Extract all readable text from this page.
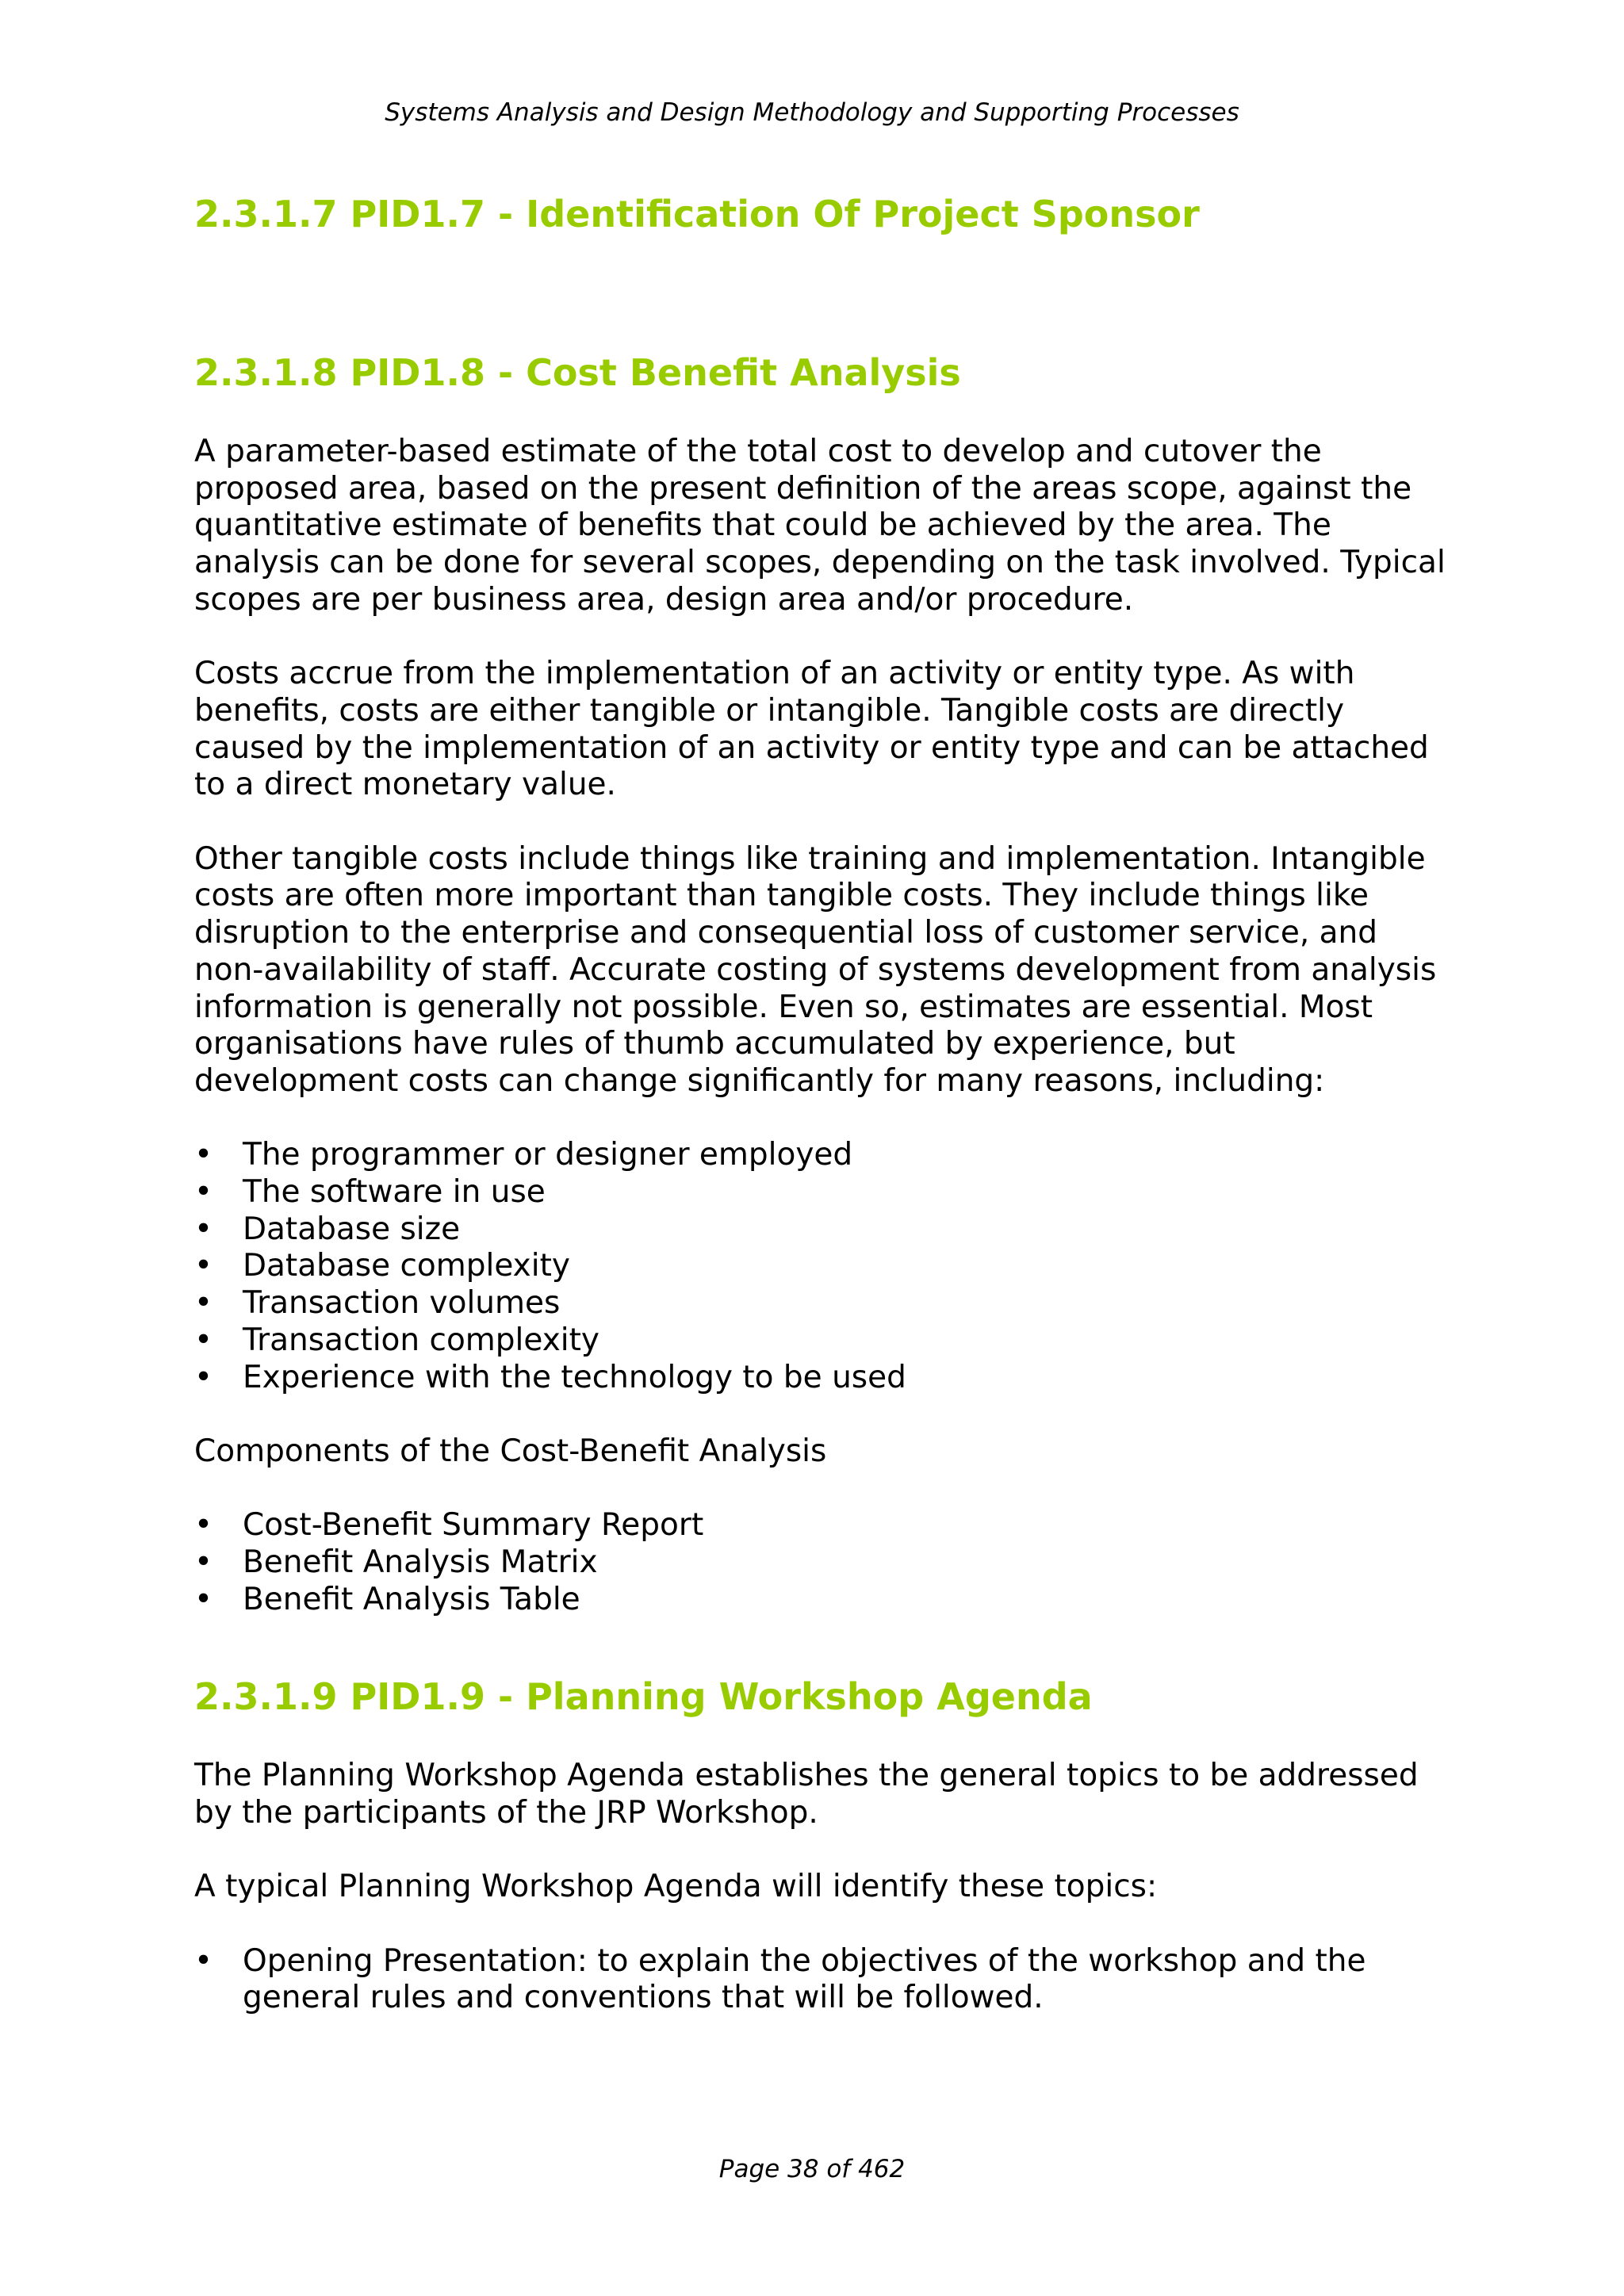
Systems Analysis and Design Methodology and Supporting Processes
2.3.1.7 PID1.7 - Identification Of Project Sponsor
2.3.1.8 PID1.8 - Cost Benefit Analysis

A parameter-based estimate of the total cost to develop and cutover the proposed area, based on the present definition of the areas scope, against the quantitative estimate of benefits that could be achieved by the area. The analysis can be done for several scopes, depending on the task involved. Typical scopes are per business area, design area and/or procedure.

Costs accrue from the implementation of an activity or entity type. As with benefits, costs are either tangible or intangible. Tangible costs are directly caused by the implementation of an activity or entity type and can be attached to a direct monetary value.

Other tangible costs include things like training and implementation. Intangible costs are often more important than tangible costs. They include things like disruption to the enterprise and consequential loss of customer service, and non-availability of staff. Accurate costing of systems development from analysis information is generally not possible. Even so, estimates are essential. Most organisations have rules of thumb accumulated by experience, but development costs can change significantly for many reasons, including:

• The programmer or designer employed
• The software in use
• Database size
• Database complexity
• Transaction volumes
• Transaction complexity
• Experience with the technology to be used

Components of the Cost-Benefit Analysis

• Cost-Benefit Summary Report
• Benefit Analysis Matrix
• Benefit Analysis Table
2.3.1.9 PID1.9 - Planning Workshop Agenda

The Planning Workshop Agenda establishes the general topics to be addressed by the participants of the JRP Workshop.

A typical Planning Workshop Agenda will identify these topics:

• Opening Presentation: to explain the objectives of the workshop and the general rules and conventions that will be followed.
Page 38 of 462
